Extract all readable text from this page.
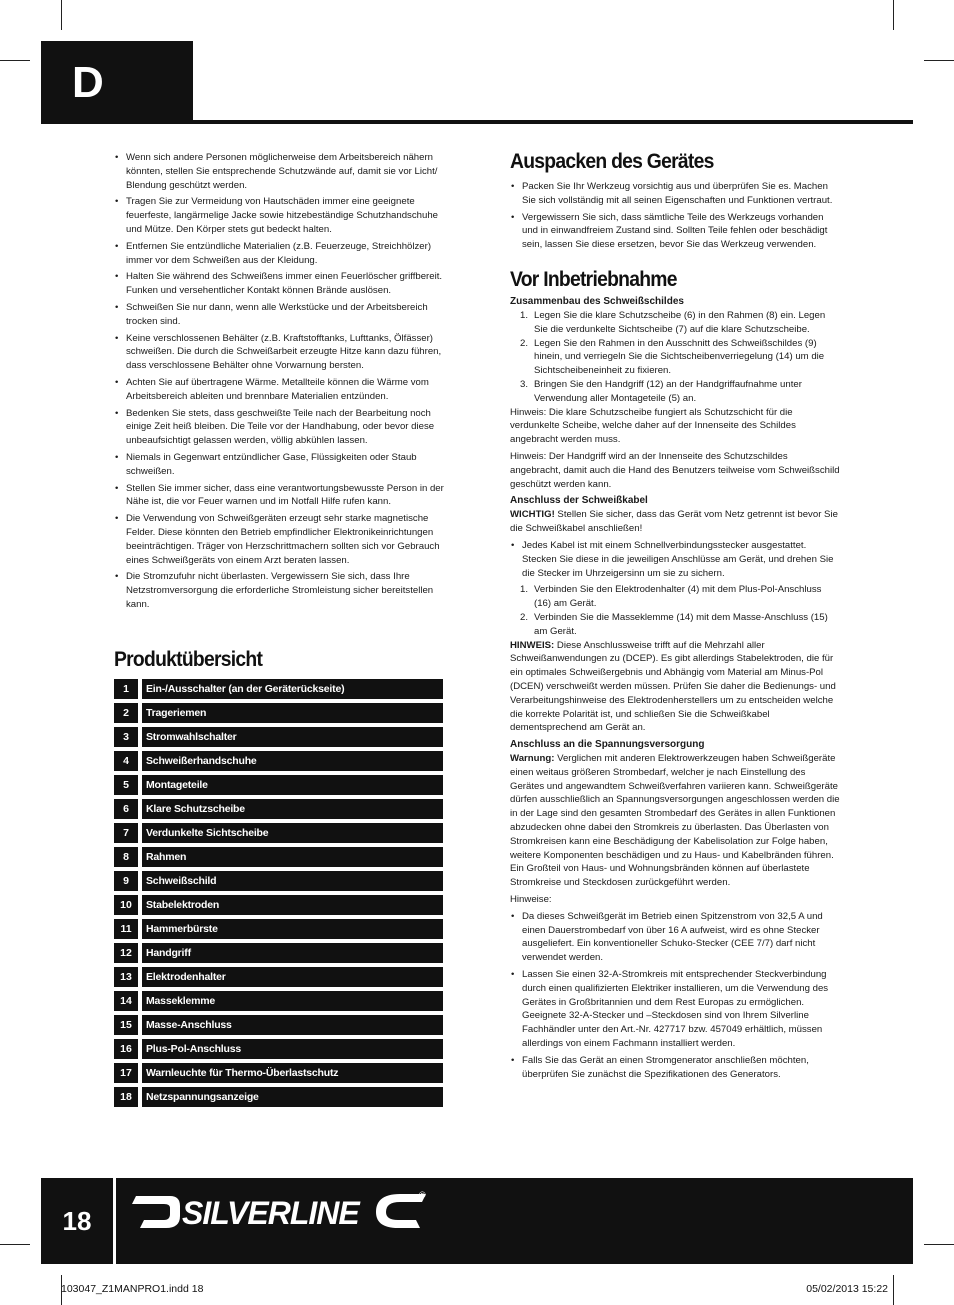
D
• Wenn sich andere Personen möglicherweise dem Arbeitsbereich nähern könnten, stellen Sie entsprechende Schutzwände auf, damit sie vor Licht/ Blendung geschützt werden.
• Tragen Sie zur Vermeidung von Hautschäden immer eine geeignete feuerfeste, langärmelige Jacke sowie hitzebeständige Schutzhandschuhe und Mütze. Den Körper stets gut bedeckt halten.
• Entfernen Sie entzündliche Materialien (z.B. Feuerzeuge, Streichhölzer) immer vor dem Schweißen aus der Kleidung.
• Halten Sie während des Schweißens immer einen Feuerlöscher griffbereit. Funken und versehentlicher Kontakt können Brände auslösen.
• Schweißen Sie nur dann, wenn alle Werkstücke und der Arbeitsbereich trocken sind.
• Keine verschlossenen Behälter (z.B. Kraftstofftanks, Lufttanks, Ölfässer) schweißen. Die durch die Schweißarbeit erzeugte Hitze kann dazu führen, dass verschlossene Behälter ohne Vorwarnung bersten.
• Achten Sie auf übertragene Wärme. Metallteile können die Wärme vom Arbeitsbereich ableiten und brennbare Materialien entzünden.
• Bedenken Sie stets, dass geschweißte Teile nach der Bearbeitung noch einige Zeit heiß bleiben. Die Teile vor der Handhabung, oder bevor diese unbeaufsichtigt gelassen werden, völlig abkühlen lassen.
• Niemals in Gegenwart entzündlicher Gase, Flüssigkeiten oder Staub schweißen.
• Stellen Sie immer sicher, dass eine verantwortungsbewusste Person in der Nähe ist, die vor Feuer warnen und im Notfall Hilfe rufen kann.
• Die Verwendung von Schweißgeräten erzeugt sehr starke magnetische Felder. Diese könnten den Betrieb empfindlicher Elektronikeinrichtungen beeinträchtigen. Träger von Herzschrittmachern sollten sich vor Gebrauch eines Schweißgeräts von einem Arzt beraten lassen.
• Die Stromzufuhr nicht überlasten. Vergewissern Sie sich, dass Ihre Netzstromversorgung die erforderliche Stromleistung sicher bereitstellen kann.
Produktübersicht
1	Ein-/Ausschalter (an der Geräterückseite)
2	Trageriemen
3	Stromwahlschalter
4	Schweißerhandschuhe
5	Montageteile
6	Klare Schutzscheibe
7	Verdunkelte Sichtscheibe
8	Rahmen
9	Schweißschild
10	Stabelektroden
11	Hammerbürste
12	Handgriff
13	Elektrodenhalter
14	Masseklemme
15	Masse-Anschluss
16	Plus-Pol-Anschluss
17	Warnleuchte für Thermo-Überlastschutz
18	Netzspannungsanzeige
Auspacken des Gerätes
• Packen Sie Ihr Werkzeug vorsichtig aus und überprüfen Sie es. Machen Sie sich vollständig mit all seinen Eigenschaften und Funktionen vertraut.
• Vergewissern Sie sich, dass sämtliche Teile des Werkzeugs vorhanden und in einwandfreiem Zustand sind. Sollten Teile fehlen oder beschädigt sein, lassen Sie diese ersetzen, bevor Sie das Werkzeug verwenden.
Vor Inbetriebnahme
Zusammenbau des Schweißschildes
1. Legen Sie die klare Schutzscheibe (6) in den Rahmen (8) ein. Legen Sie die verdunkelte Sichtscheibe (7) auf die klare Schutzscheibe.
2. Legen Sie den Rahmen in den Ausschnitt des Schweißschildes (9) hinein, und verriegeln Sie die Sichtscheibenverriegelung (14) um die Sichtscheibeneinheit zu fixieren.
3. Bringen Sie den Handgriff (12) an der Handgriffaufnahme unter Verwendung aller Montageteile (5) an.

Hinweis: Die klare Schutzscheibe fungiert als Schutzschicht für die verdunkelte Scheibe, welche daher auf der Innenseite des Schildes angebracht werden muss.

Hinweis: Der Handgriff wird an der Innenseite des Schutzschildes angebracht, damit auch die Hand des Benutzers teilweise vom Schweißschild geschützt werden kann.

Anschluss der Schweißkabel

WICHTIG! Stellen Sie sicher, dass das Gerät vom Netz getrennt ist bevor Sie die Schweißkabel anschließen!

• Jedes Kabel ist mit einem Schnellverbindungsstecker ausgestattet. Stecken Sie diese in die jeweiligen Anschlüsse am Gerät, und drehen Sie die Stecker im Uhrzeigersinn um sie zu sichern.
1. Verbinden Sie den Elektrodenhalter (4) mit dem Plus-Pol-Anschluss (16) am Gerät.
2. Verbinden Sie die Masseklemme (14) mit dem Masse-Anschluss (15) am Gerät.

HINWEIS: Diese Anschlussweise trifft auf die Mehrzahl aller Schweißanwendungen zu (DCEP). Es gibt allerdings Stabelektroden, die für ein optimales Schweißergebnis und Abhängig vom Material am Minus-Pol (DCEN) verschweißt werden müssen. Prüfen Sie daher die Bedienungs- und Verarbeitungshinweise des Elektrodenherstellers um zu entscheiden welche die korrekte Polarität ist, und schließen Sie die Schweißkabel dementsprechend am Gerät an.

Anschluss an die Spannungsversorgung

Warnung: Verglichen mit anderen Elektrowerkzeugen haben Schweißgeräte einen weitaus größeren Strombedarf, welcher je nach Einstellung des Gerätes und angewandtem Schweißverfahren variieren kann. Schweißgeräte dürfen ausschließlich an Spannungsversorgungen angeschlossen werden die in der Lage sind den gesamten Strombedarf des Gerätes in allen Funktionen abzudecken ohne dabei den Stromkreis zu überlasten. Das Überlasten von Stromkreisen kann eine Beschädigung der Kabelisolation zur Folge haben, weitere Komponenten beschädigen und zu Haus- und Kabelbränden führen. Ein Großteil von Haus- und Wohnungsbränden können auf überlastete Stromkreise und Steckdosen zurückgeführt werden.

Hinweise:

• Da dieses Schweißgerät im Betrieb einen Spitzenstrom von 32,5 A und einen Dauerstrombedarf von über 16 A aufweist, wird es ohne Stecker ausgeliefert. Ein konventioneller Schuko-Stecker (CEE 7/7) darf nicht verwendet werden.
• Lassen Sie einen 32-A-Stromkreis mit entsprechender Steckverbindung durch einen qualifizierten Elektriker installieren, um die Verwendung des Gerätes in Großbritannien und dem Rest Europas zu ermöglichen. Geeignete 32-A-Stecker und –Steckdosen sind von Ihrem Silverline Fachhändler unter den Art.-Nr. 427717 bzw. 457049 erhältlich, müssen allerdings von einem Fachmann installiert werden.
• Falls Sie das Gerät an einen Stromgenerator anschließen möchten, überprüfen Sie zunächst die Spezifikationen des Generators.
18	SILVERLINE	®
103047_Z1MANPRO1.indd 18	05/02/2013 15:22
